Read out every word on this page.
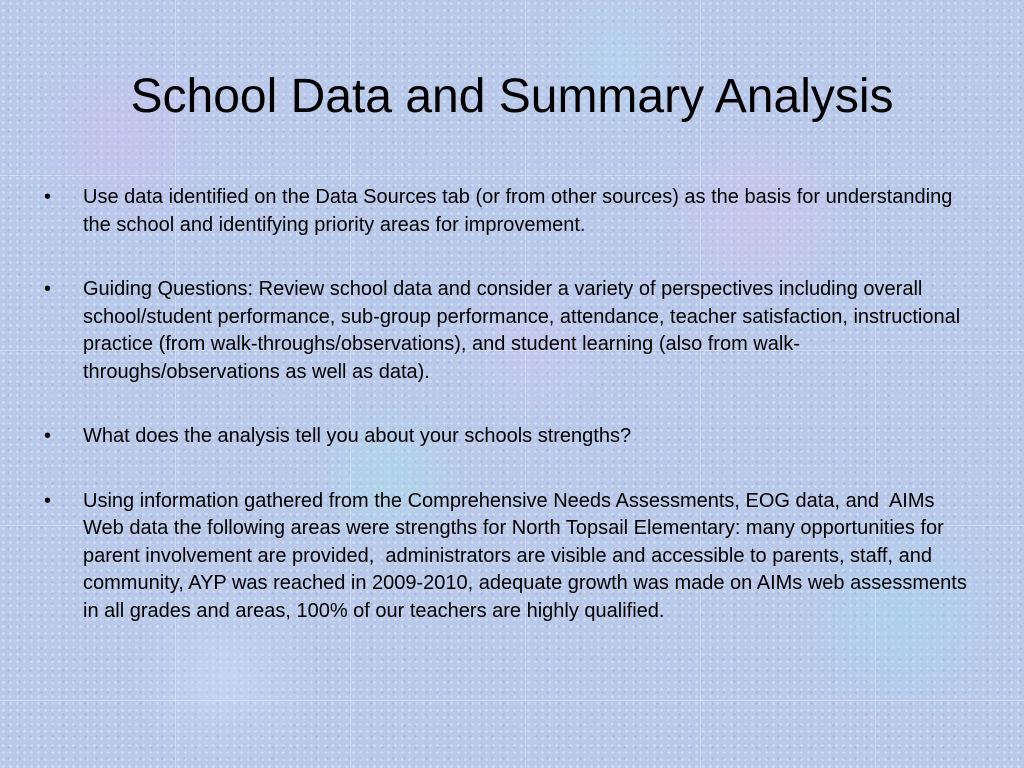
School Data and Summary Analysis
•	Use data identified on the Data Sources tab (or from other sources) as the basis for understanding the school and identifying priority areas for improvement.
•	Guiding Questions: Review school data and consider a variety of perspectives including overall school/student performance, sub-group performance, attendance, teacher satisfaction, instructional practice (from walk-throughs/observations), and student learning (also from walk-throughs/observations as well as data).
•	What does the analysis tell you about your schools strengths?
•	Using information gathered from the Comprehensive Needs Assessments, EOG data, and  AIMs Web data the following areas were strengths for North Topsail Elementary: many opportunities for parent involvement are provided,  administrators are visible and accessible to parents, staff, and community, AYP was reached in 2009-2010, adequate growth was made on AIMs web assessments in all grades and areas, 100% of our teachers are highly qualified.
